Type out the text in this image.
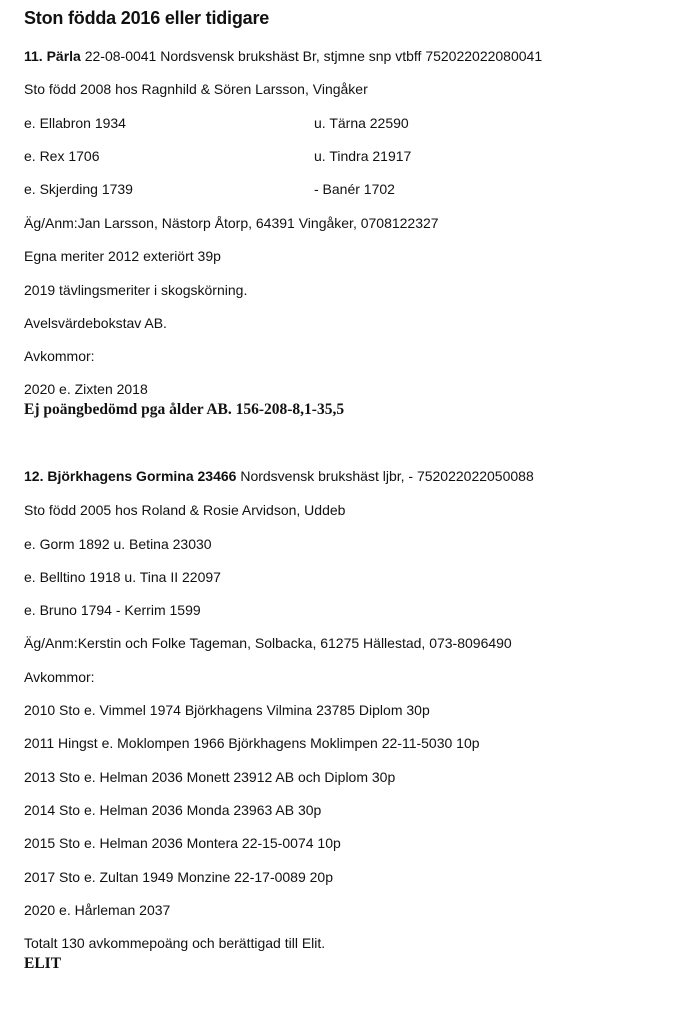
Ston födda 2016 eller tidigare
11. Pärla 22-08-0041 Nordsvensk brukshäst Br, stjmne snp vtbff 752022022080041
Sto född 2008 hos Ragnhild & Sören Larsson, Vingåker
e. Ellabron 1934	u. Tärna 22590
e. Rex 1706	u. Tindra 21917
e. Skjerding 1739	- Banér 1702
Äg/Anm:Jan Larsson, Nästorp Åtorp, 64391 Vingåker, 0708122327
Egna meriter 2012 exteriört 39p
2019 tävlingsmeriter i skogskörning.
Avelsvärdebokstav AB.
Avkommor:
2020 e. Zixten 2018
Ej poängbedömd pga ålder AB. 156-208-8,1-35,5
12. Björkhagens Gormina 23466 Nordsvensk brukshäst ljbr, - 752022022050088
Sto född 2005 hos Roland & Rosie Arvidson, Uddeb
e. Gorm 1892 u. Betina 23030
e. Belltino 1918 u. Tina II 22097
e. Bruno 1794 - Kerrim 1599
Äg/Anm:Kerstin och Folke Tageman, Solbacka, 61275 Hällestad, 073-8096490
Avkommor:
2010 Sto e. Vimmel 1974 Björkhagens Vilmina 23785 Diplom 30p
2011 Hingst e. Moklompen 1966 Björkhagens Moklimpen 22-11-5030 10p
2013 Sto e. Helman 2036 Monett 23912 AB och Diplom 30p
2014 Sto e. Helman 2036 Monda 23963 AB 30p
2015 Sto e. Helman 2036 Montera 22-15-0074 10p
2017 Sto e. Zultan 1949 Monzine 22-17-0089 20p
2020 e. Hårleman 2037
Totalt 130 avkommepoäng och berättigad till Elit.
ELIT
